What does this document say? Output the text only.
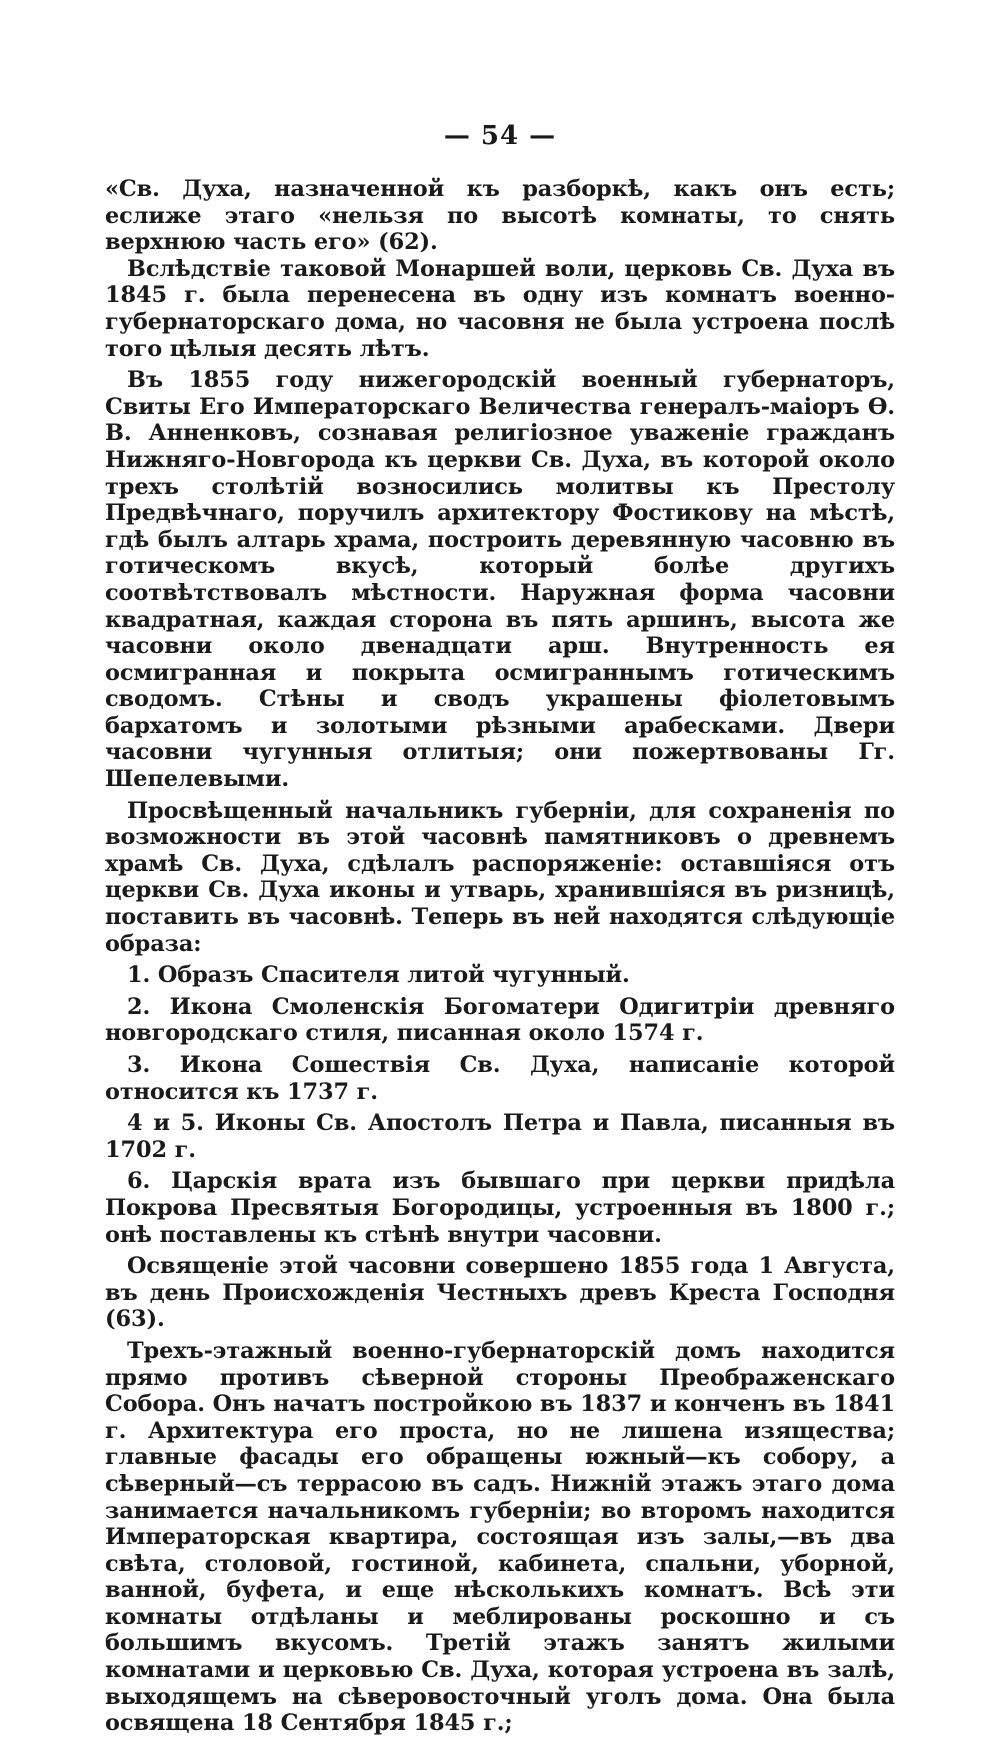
— 54 —

«Св. Духа, назначенной къ разборкѣ, какъ онъ есть; еслиже этаго «нельзя по высотѣ комнаты, то снять верхнюю часть его» (62).

Вслѣдствіе таковой Монаршей воли, церковь Св. Духа въ 1845 г. была перенесена въ одну изъ комнатъ военно-губернаторскаго дома, но часовня не была устроена послѣ того цѣлыя десять лѣтъ.

Въ 1855 году нижегородскій военный губернаторъ, Свиты Его Императорскаго Величества генералъ-маіоръ Ѳ. В. Анненковъ, сознавая религіозное уваженіе гражданъ Нижняго-Новгорода къ церкви Св. Духа, въ которой около трехъ столѣтій возносились молитвы къ Престолу Предвѣчнаго, поручилъ архитектору Фостикову на мѣстѣ, гдѣ былъ алтарь храма, построить деревянную часовню въ готическомъ вкусѣ, который болѣе другихъ соотвѣтствовалъ мѣстности. Наружная форма часовни квадратная, каждая сторона въ пять аршинъ, высота же часовни около двенадцати арш. Внутренность ея осмигранная и покрыта осмиграннымъ готическимъ сводомъ. Стѣны и сводъ украшены фіолетовымъ бархатомъ и золотыми рѣзными арабесками. Двери часовни чугунныя отлитыя; они пожертвованы Гг. Шепелевыми.

Просвѣщенный начальникъ губерніи, для сохраненія по возможности въ этой часовнѣ памятниковъ о древнемъ храмѣ Св. Духа, сдѣлалъ распоряженіе: оставшіяся отъ церкви Св. Духа иконы и утварь, хранившіяся въ ризницѣ, поставить въ часовнѣ. Теперь въ ней находятся слѣдующіе образа:

1. Образъ Спасителя литой чугунный.

2. Икона Смоленскія Богоматери Одигитріи древняго новгородскаго стиля, писанная около 1574 г.

3. Икона Сошествія Св. Духа, написаніе которой относится къ 1737 г.

4 и 5. Иконы Св. Апостолъ Петра и Павла, писанныя въ 1702 г.

6. Царскія врата изъ бывшаго при церкви придѣла Покрова Пресвятыя Богородицы, устроенныя въ 1800 г.; онѣ поставлены къ стѣнѣ внутри часовни.

Освященіе этой часовни совершено 1855 года 1 Августа, въ день Происхожденія Честныхъ древъ Креста Господня (63).

Трехъ-этажный военно-губернаторскій домъ находится прямо противъ сѣверной стороны Преображенскаго Собора. Онъ начатъ постройкою въ 1837 и конченъ въ 1841 г. Архитектура его проста, но не лишена изящества; главные фасады его обращены южный—къ собору, а сѣверный—съ террасою въ садъ. Нижній этажъ этаго дома занимается начальникомъ губерніи; во второмъ находится Императорская квартира, состоящая изъ залы,—въ два свѣта, столовой, гостиной, кабинета, спальни, уборной, ванной, буфета, и еще нѣсколькихъ комнатъ. Всѣ эти комнаты отдѣланы и меблированы роскошно и съ большимъ вкусомъ. Третій этажъ занятъ жилыми комнатами и церковью Св. Духа, которая устроена въ залѣ, выходящемъ на сѣверовосточный уголъ дома. Она была освящена 18 Сентября 1845 г.;
